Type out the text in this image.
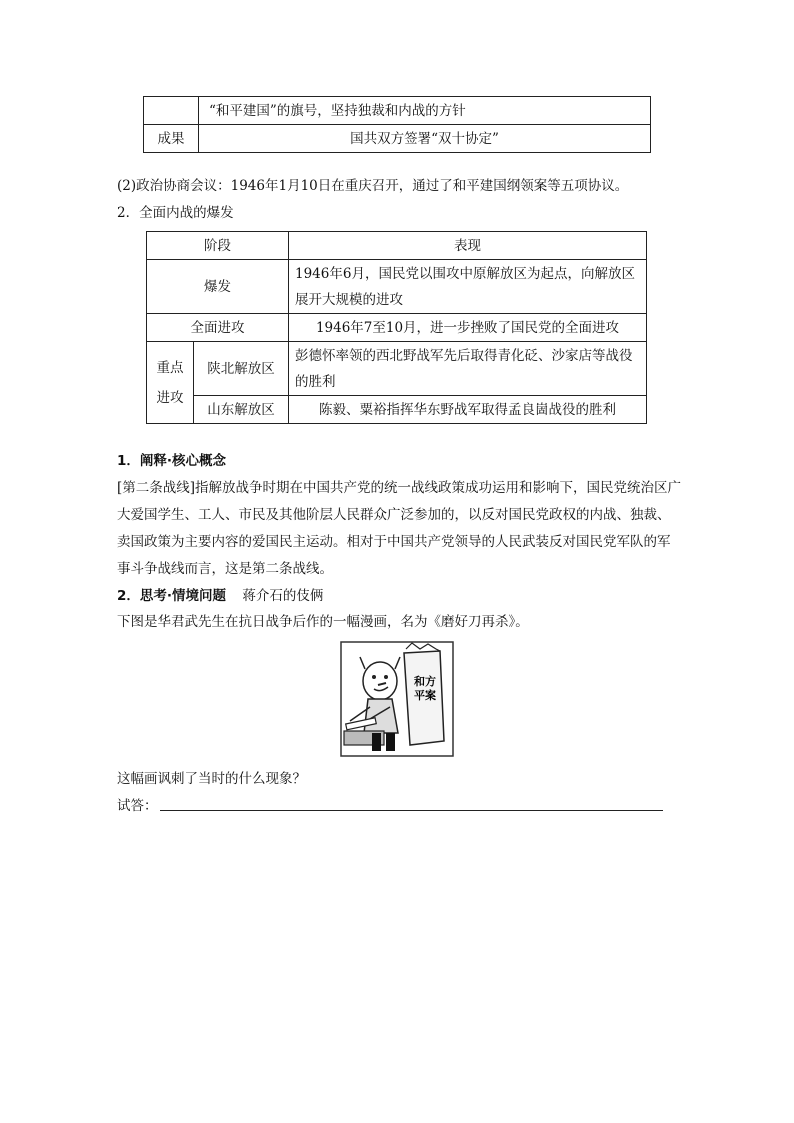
	“和平建国”的旗号，坚持独裁和内战的方针
成果	国共双方签署“双十协定”
(2)政治协商会议：1946年1月10日在重庆召开，通过了和平建国纲领案等五项协议。
2．全面内战的爆发
阶段		表现
爆发		1946年6月，国民党以围攻中原解放区为起点，向解放区展开大规模的进攻
全面进攻		1946年7至10月，进一步挫败了国民党的全面进攻
重点进攻	陕北解放区	彭德怀率领的西北野战军先后取得青化砭、沙家店等战役的胜利
	山东解放区	陈毅、粟裕指挥华东野战军取得孟良崮战役的胜利
1．阐释·核心概念
[第二条战线]指解放战争时期在中国共产党的统一战线政策成功运用和影响下，国民党统治区广大爱国学生、工人、市民及其他阶层人民群众广泛参加的，以反对国民党政权的内战、独裁、卖国政策为主要内容的爱国民主运动。相对于中国共产党领导的人民武装反对国民党军队的军事斗争战线而言，这是第二条战线。
2．思考·情境问题 蒋介石的伎俩
下图是华君武先生在抗日战争后作的一幅漫画，名为《磨好刀再杀》。
和方
平案
这幅画讽刺了当时的什么现象？
试答：
